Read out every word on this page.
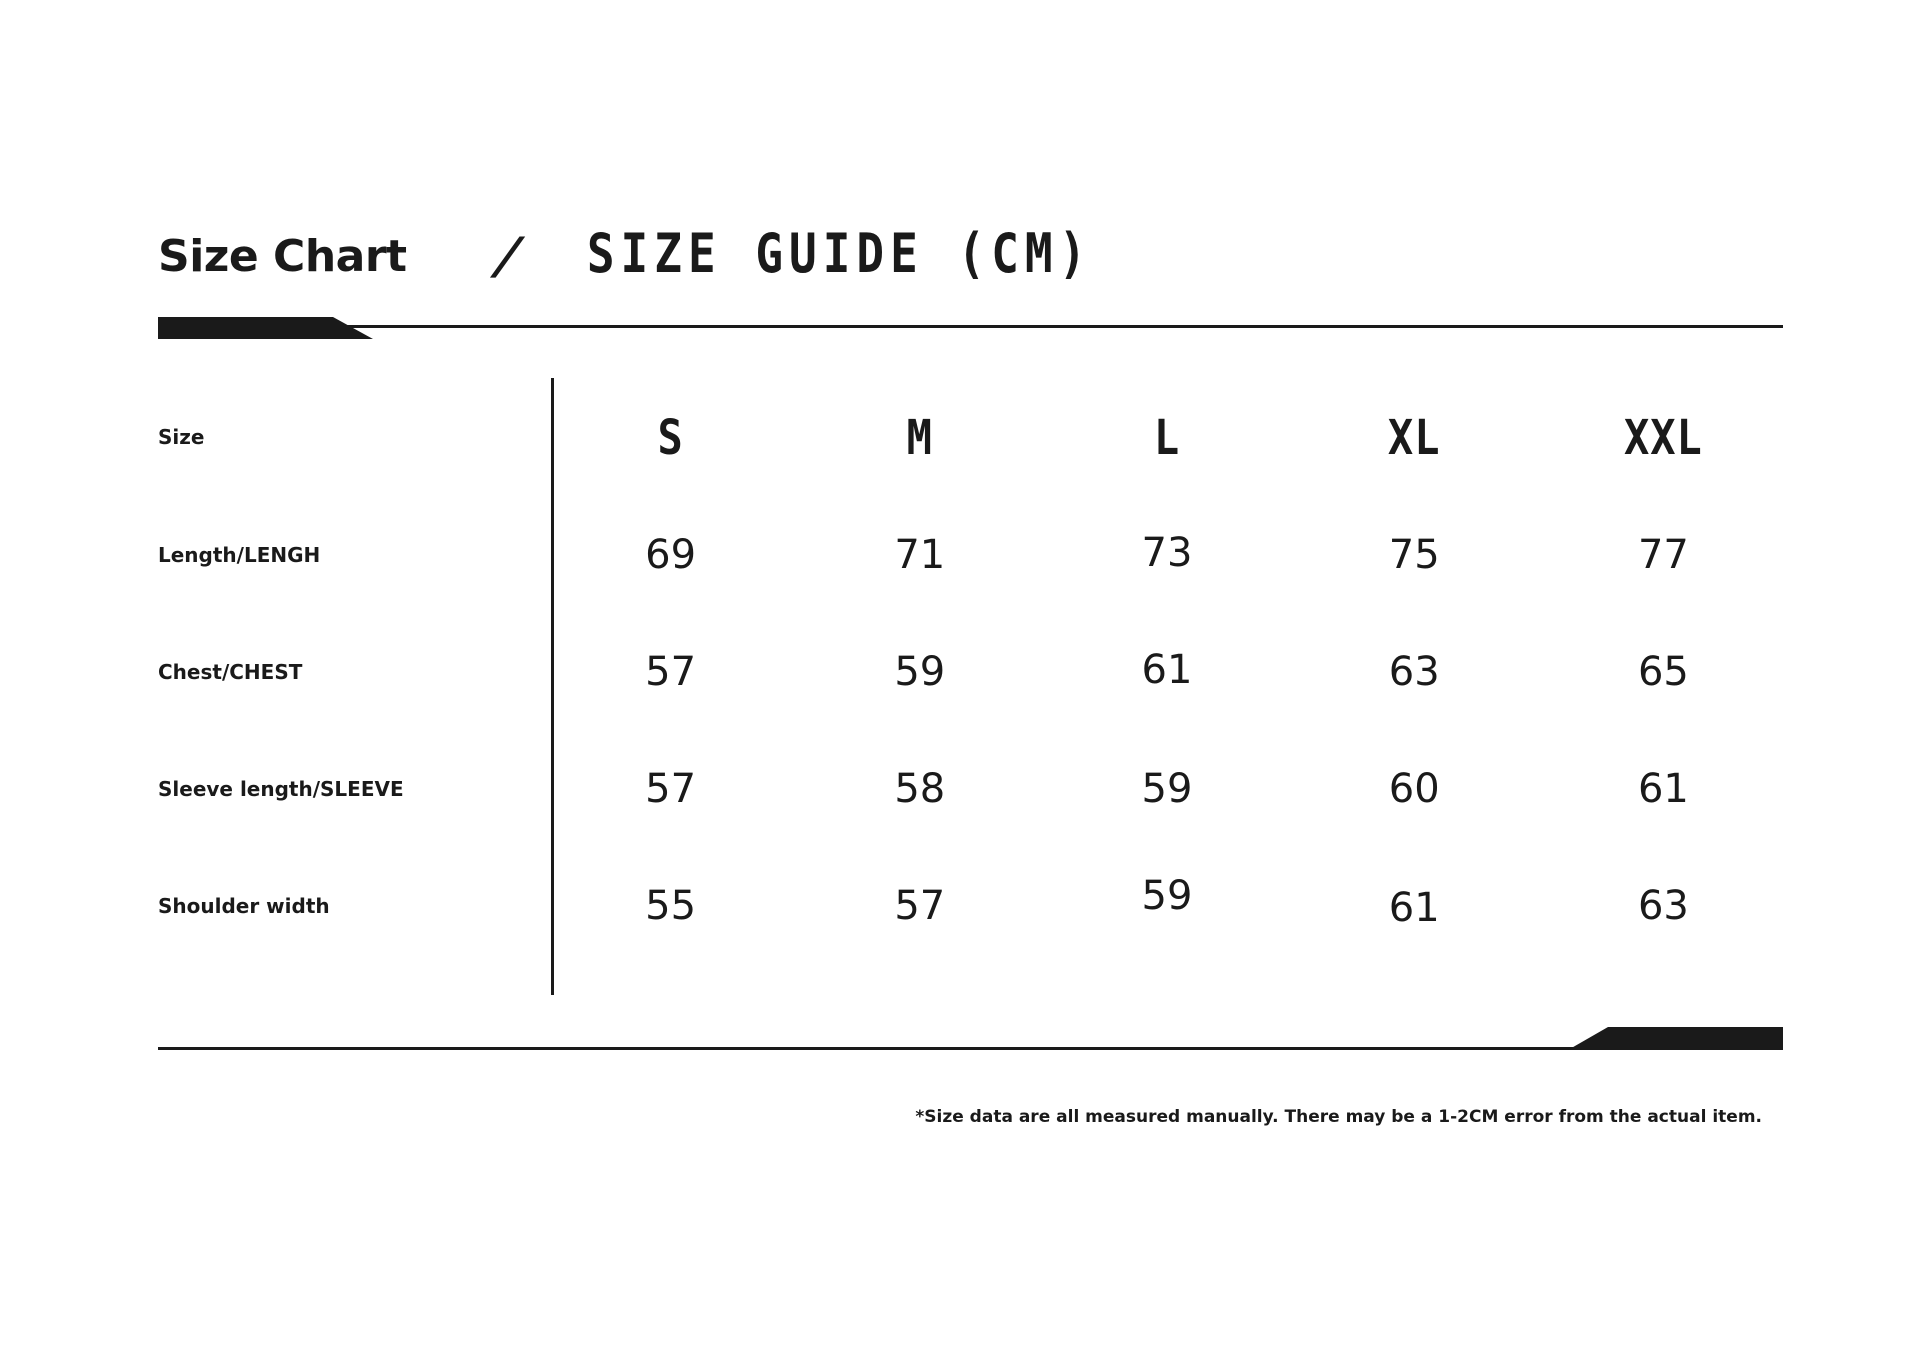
Size Chart / SIZE GUIDE (CM)
Size	S	M	L	XL	XXL
Length/LENGH	69	71	73	75	77
Chest/CHEST	57	59	61	63	65
Sleeve length/SLEEVE	57	58	59	60	61
Shoulder width	55	57	59	61	63
*Size data are all measured manually. There may be a 1-2CM error from the actual item.
